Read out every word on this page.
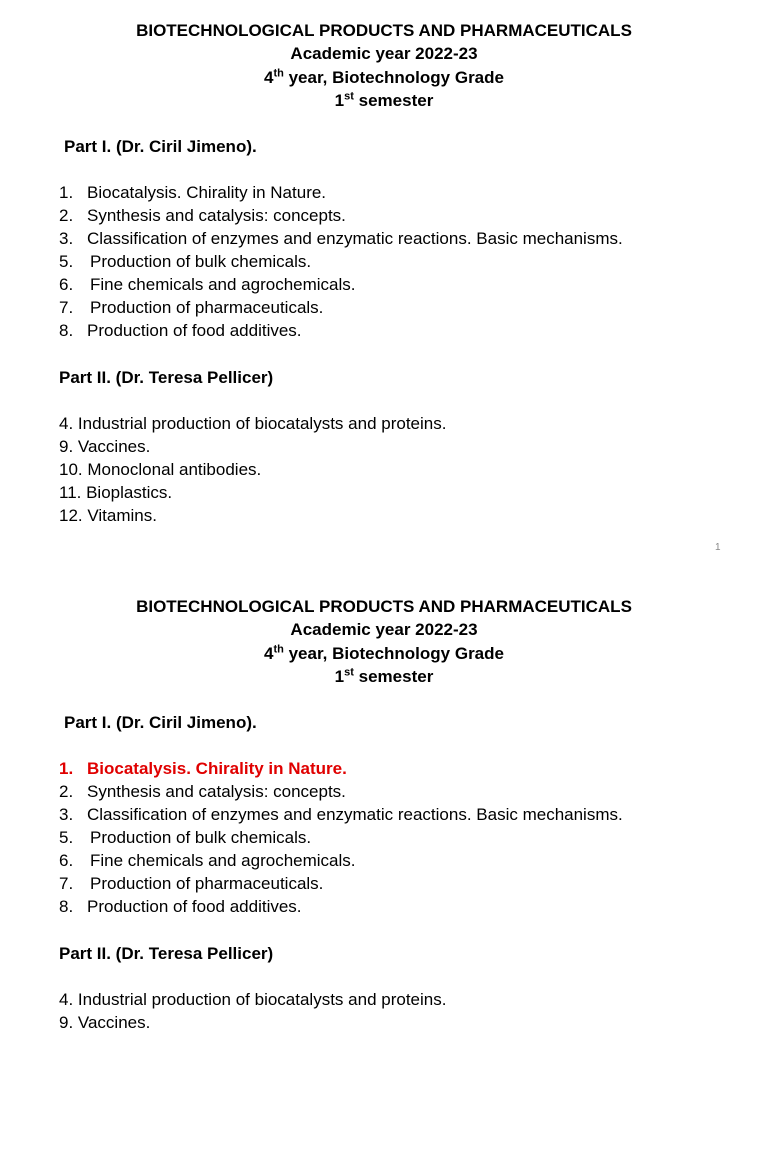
BIOTECHNOLOGICAL PRODUCTS AND PHARMACEUTICALS
Academic year 2022-23
4th year, Biotechnology Grade
1st semester
Part I. (Dr. Ciril Jimeno).
1. Biocatalysis. Chirality in Nature.
2. Synthesis and catalysis: concepts.
3. Classification of enzymes and enzymatic reactions. Basic mechanisms.
5. Production of bulk chemicals.
6. Fine chemicals and agrochemicals.
7. Production of pharmaceuticals.
8. Production of food additives.
Part II. (Dr. Teresa Pellicer)
4. Industrial production of biocatalysts and proteins.
9. Vaccines.
10. Monoclonal antibodies.
11. Bioplastics.
12. Vitamins.
1
BIOTECHNOLOGICAL PRODUCTS AND PHARMACEUTICALS
Academic year 2022-23
4th year, Biotechnology Grade
1st semester
Part I. (Dr. Ciril Jimeno).
1. Biocatalysis. Chirality in Nature.
2. Synthesis and catalysis: concepts.
3. Classification of enzymes and enzymatic reactions. Basic mechanisms.
5. Production of bulk chemicals.
6. Fine chemicals and agrochemicals.
7. Production of pharmaceuticals.
8. Production of food additives.
Part II. (Dr. Teresa Pellicer)
4. Industrial production of biocatalysts and proteins.
9. Vaccines.
